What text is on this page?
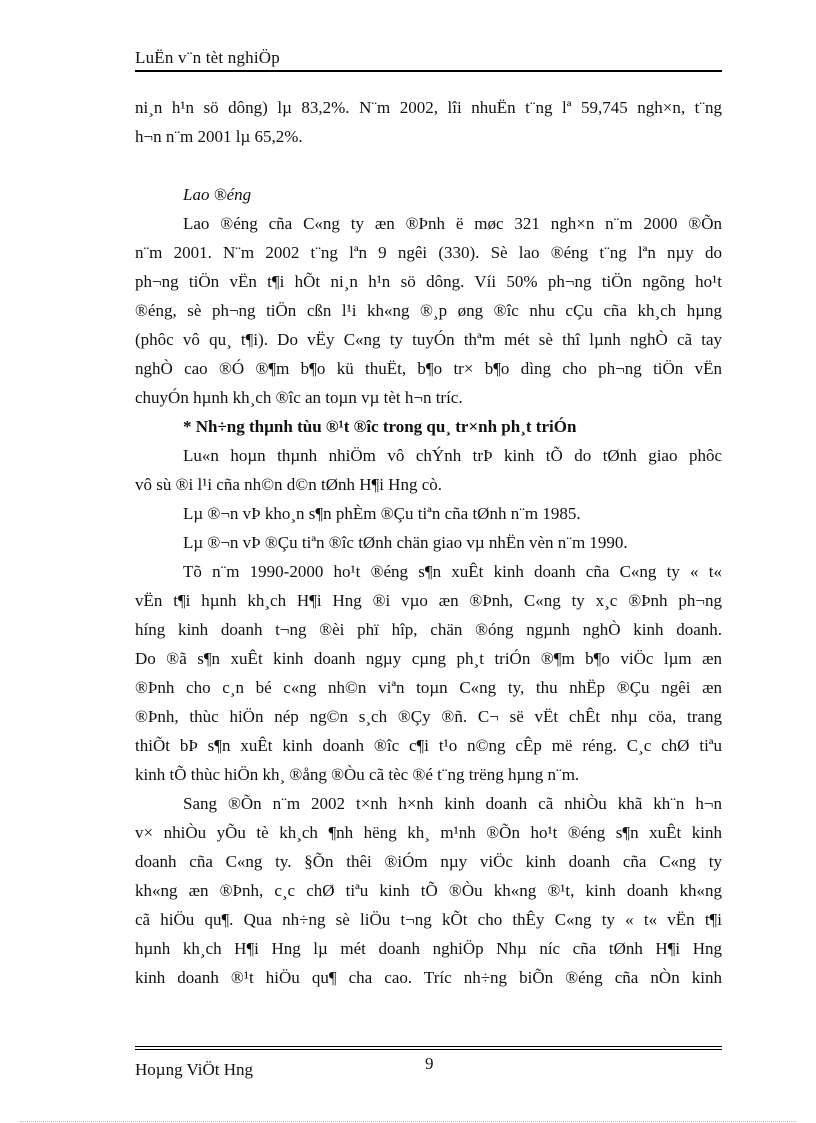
LuËn v¨n tèt nghiÖp
ni¸n h¹n sö dông) lµ 83,2%. N¨m 2002, lîi nhuËn t¨ng lª 59,745 ngh×n, t¨ng
h¬n n¨m 2001 lµ 65,2%.
Lao ®éng
Lao ®éng cña C«ng ty æn ®Þnh ë møc 321 ngh×n n¨m 2000 ®Õn
n¨m 2001. N¨m 2002 t¨ng lªn 9 ngêi (330). Sè lao ®éng t¨ng lªn nµy do
ph¬ng tiÖn vËn t¶i hÕt ni¸n h¹n sö dông. Víi 50% ph¬ng tiÖn ngõng ho¹t
®éng, sè ph¬ng tiÖn cßn l¹i kh«ng ®¸p øng ®îc nhu cÇu cña kh¸ch hµng
(phôc vô qu¸ t¶i). Do vËy C«ng ty tuyÓn thªm mét sè thî lµnh nghÒ cã tay
nghÒ cao ®Ó ®¶m b¶o kü thuËt, b¶o tr× b¶o dìng cho ph¬ng tiÖn vËn
chuyÓn hµnh kh¸ch ®îc an toµn vµ tèt h¬n tríc.
* Nh÷ng thµnh tùu ®¹t ®îc trong qu¸ tr×nh ph¸t triÓn
Lu«n hoµn thµnh nhiÖm vô chÝnh trÞ kinh tÕ do tØnh giao phôc
vô sù ®i l¹i cña nh©n d©n tØnh H¶i Hng cò.
Lµ ®¬n vÞ kho¸n s¶n phÈm ®Çu tiªn cña tØnh n¨m 1985.
Lµ ®¬n vÞ ®Çu tiªn ®îc tØnh chän giao vµ nhËn vèn n¨m 1990.
Tõ n¨m 1990-2000 ho¹t ®éng s¶n xuÊt kinh doanh cña C«ng ty « t«
vËn t¶i hµnh kh¸ch H¶i Hng ®i vµo æn ®Þnh, C«ng ty x¸c ®Þnh ph¬ng
híng kinh doanh t¬ng ®èi phï hîp, chän ®óng ngµnh nghÒ kinh doanh.
Do ®ã s¶n xuÊt kinh doanh ngµy cµng ph¸t triÓn ®¶m b¶o viÖc lµm æn
®Þnh cho c¸n bé c«ng nh©n viªn toµn C«ng ty, thu nhËp ®Çu ngêi æn
®Þnh, thùc hiÖn nép ng©n s¸ch ®Çy ®ñ. C¬ së vËt chÊt nhµ cöa, trang
thiÕt bÞ s¶n xuÊt kinh doanh ®îc c¶i t¹o n©ng cÊp më réng. C¸c chØ tiªu
kinh tÕ thùc hiÖn kh¸ ®ång ®Òu cã tèc ®é t¨ng trëng hµng n¨m.
Sang ®Õn n¨m 2002 t×nh h×nh kinh doanh cã nhiÒu khã kh¨n h¬n
v× nhiÒu yÕu tè kh¸ch ¶nh hëng kh¸ m¹nh ®Õn ho¹t ®éng s¶n xuÊt kinh
doanh cña C«ng ty. §Õn thêi ®iÓm nµy viÖc kinh doanh cña C«ng ty
kh«ng æn ®Þnh, c¸c chØ tiªu kinh tÕ ®Òu kh«ng ®¹t, kinh doanh kh«ng
cã hiÖu qu¶. Qua nh÷ng sè liÖu t¬ng kÕt cho thÊy C«ng ty « t« vËn t¶i
hµnh kh¸ch H¶i Hng lµ mét doanh nghiÖp Nhµ níc cña tØnh H¶i Hng
kinh doanh ®¹t hiÖu qu¶ cha cao. Tríc nh÷ng biÕn ®éng cña nÒn kinh
Hoµng ViÖt Hng	9
